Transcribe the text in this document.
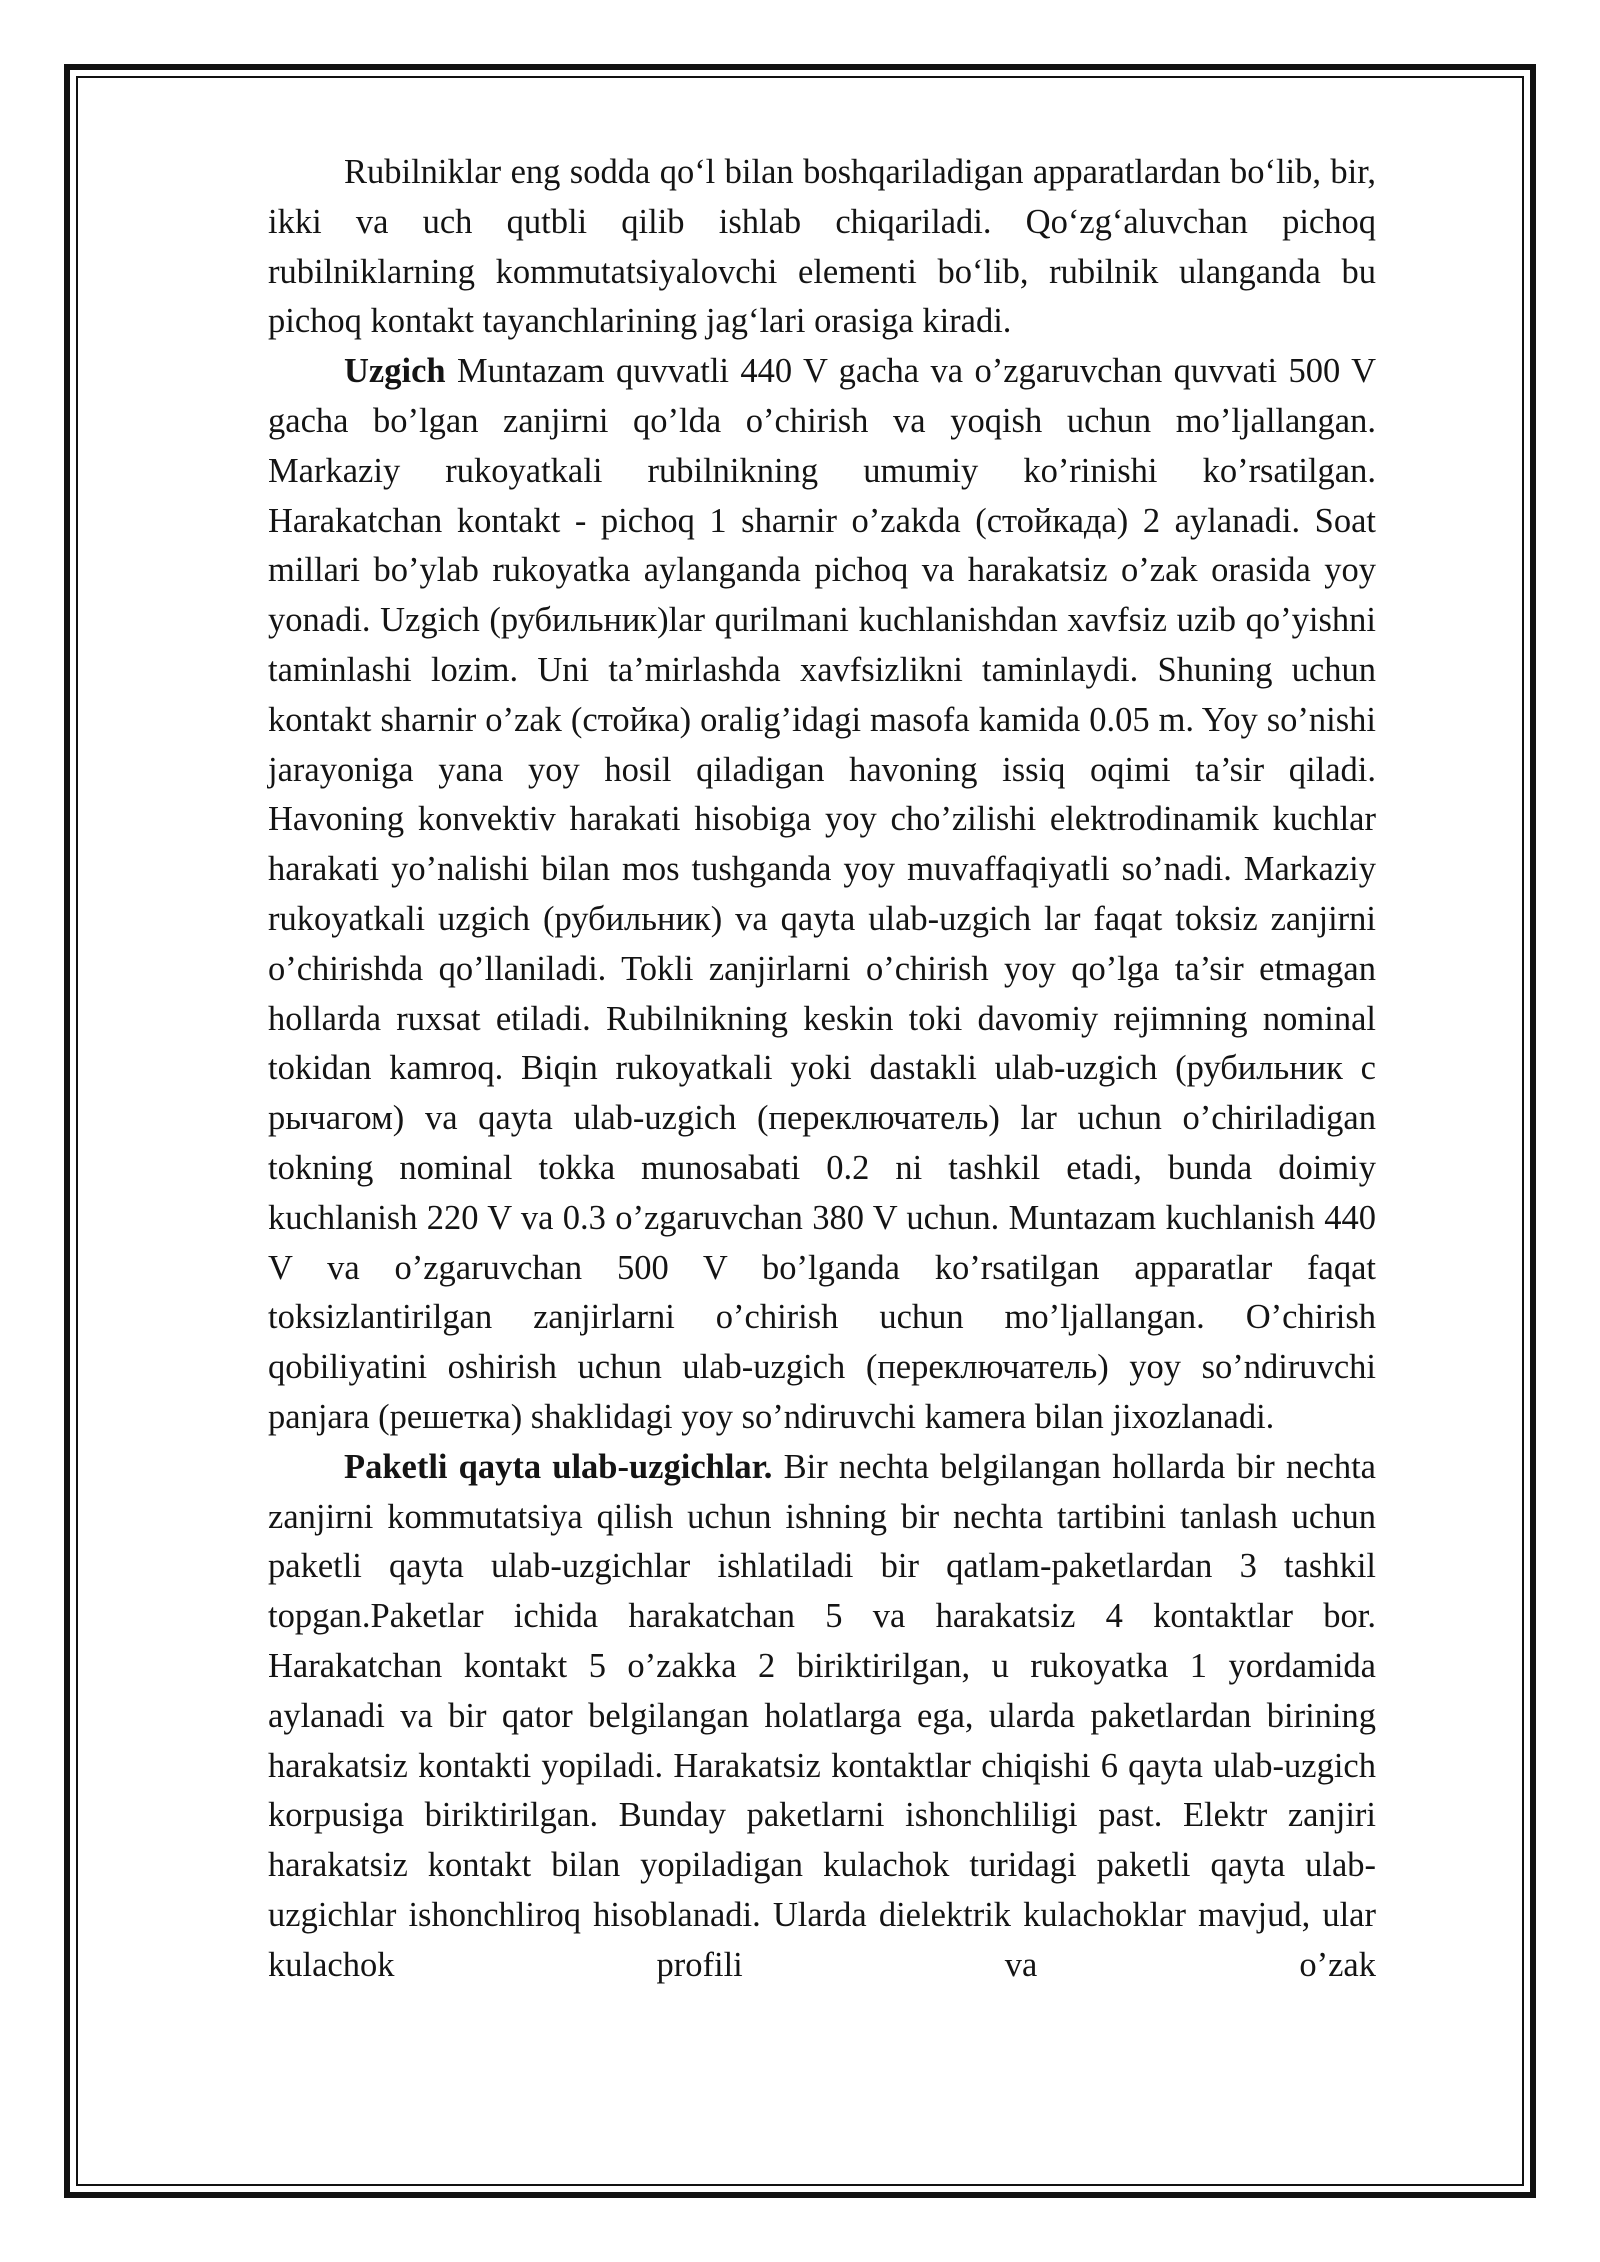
Rubilniklar eng sodda qo‘l bilan boshqariladigan apparatlardan bo‘lib, bir, ikki va uch qutbli qilib ishlab chiqariladi. Qo‘zg‘aluvchan pichoq rubilniklarning kommutatsiyalovchi elementi bo‘lib, rubilnik ulanganda bu pichoq kontakt tayanchlarining jag‘lari orasiga kiradi.

Uzgich Muntazam quvvatli 440 V gacha va o’zgaruvchan quvvati 500 V gacha bo’lgan zanjirni qo’lda o’chirish va yoqish uchun mo’ljallangan. Markaziy rukoyatkali rubilnikning umumiy ko’rinishi ko’rsatilgan. Harakatchan kontakt - pichoq 1 sharnir o’zakda (стойкада) 2 aylanadi. Soat millari bo’ylab rukoyatka aylanganda pichoq va harakatsiz o’zak orasida yoy yonadi. Uzgich (рубильник)lar qurilmani kuchlanishdan xavfsiz uzib qo’yishni taminlashi lozim. Uni ta’mirlashda xavfsizlikni taminlaydi. Shuning uchun kontakt sharnir o’zak (стойка) oralig’idagi masofa kamida 0.05 m. Yoy so’nishi jarayoniga yana yoy hosil qiladigan havoning issiq oqimi ta’sir qiladi. Havoning konvektiv harakati hisobiga yoy cho’zilishi elektrodinamik kuchlar harakati yo’nalishi bilan mos tushganda yoy muvaffaqiyatli so’nadi. Markaziy rukoyatkali uzgich (рубильник) va qayta ulab-uzgich lar faqat toksiz zanjirni o’chirishda qo’llaniladi. Tokli zanjirlarni o’chirish yoy qo’lga ta’sir etmagan hollarda ruxsat etiladi. Rubilnikning keskin toki davomiy rejimning nominal tokidan kamroq. Biqin rukoyatkali yoki dastakli ulab-uzgich (рубильник с рычагом) va qayta ulab-uzgich (переключатель) lar uchun o’chiriladigan tokning nominal tokka munosabati 0.2 ni tashkil etadi, bunda doimiy kuchlanish 220 V va 0.3 o’zgaruvchan 380 V uchun. Muntazam kuchlanish 440 V va o’zgaruvchan 500 V bo’lganda ko’rsatilgan apparatlar faqat toksizlantirilgan zanjirlarni o’chirish uchun mo’ljallangan. O’chirish qobiliyatini oshirish uchun ulab-uzgich (переключатель) yoy so’ndiruvchi panjara (решетка) shaklidagi yoy so’ndiruvchi kamera bilan jixozlanadi.

Paketli qayta ulab-uzgichlar. Bir nechta belgilangan hollarda bir nechta zanjirni kommutatsiya qilish uchun ishning bir nechta tartibini tanlash uchun paketli qayta ulab-uzgichlar ishlatiladi bir qatlam-paketlardan 3 tashkil topgan.Paketlar ichida harakatchan 5 va harakatsiz 4 kontaktlar bor. Harakatchan kontakt 5 o’zakka 2 biriktirilgan, u rukoyatka 1 yordamida aylanadi va bir qator belgilangan holatlarga ega, ularda paketlardan birining harakatsiz kontakti yopiladi. Harakatsiz kontaktlar chiqishi 6 qayta ulab-uzgich korpusiga biriktirilgan. Bunday paketlarni ishonchliligi past. Elektr zanjiri harakatsiz kontakt bilan yopiladigan kulachok turidagi paketli qayta ulab-uzgichlar ishonchliroq hisoblanadi. Ularda dielektrik kulachoklar mavjud, ular kulachok profili va o’zak
